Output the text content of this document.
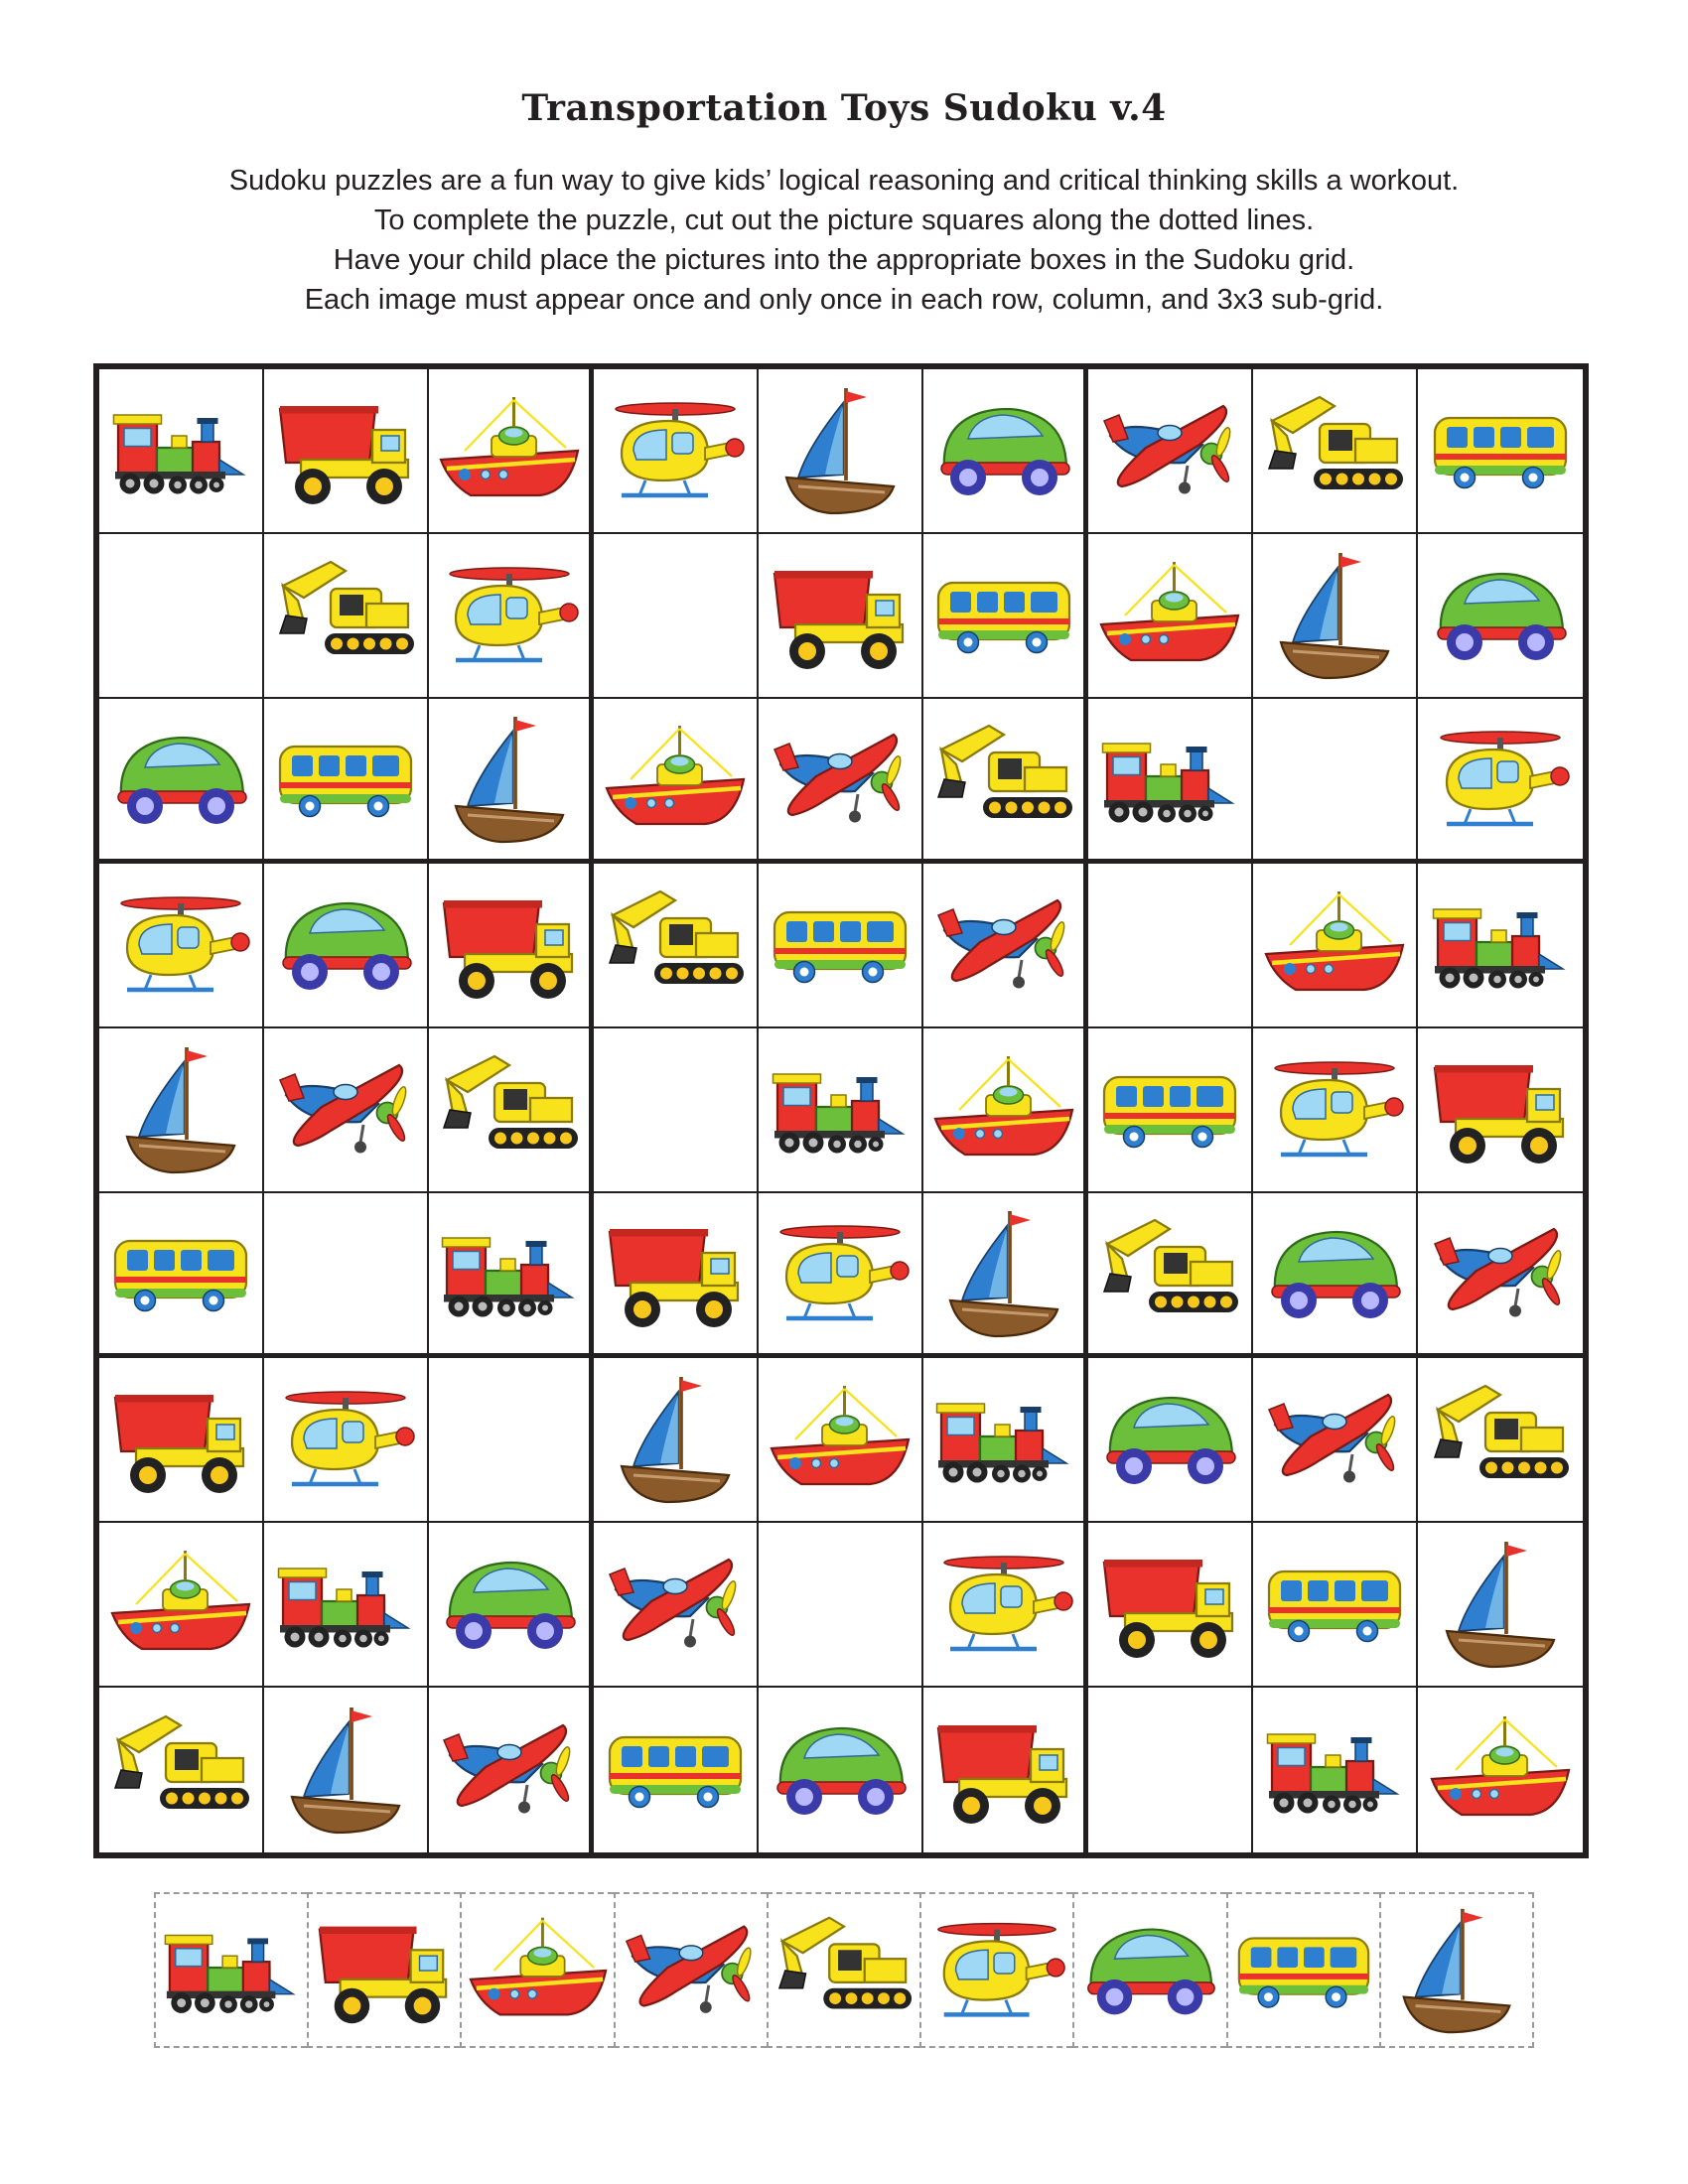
Transportation Toys Sudoku v.4
Sudoku puzzles are a fun way to give kids’ logical reasoning and critical thinking skills a workout.
To complete the puzzle, cut out the picture squares along the dotted lines.
Have your child place the pictures into the appropriate boxes in the Sudoku grid.
Each image must appear once and only once in each row, column, and 3x3 sub-grid.
